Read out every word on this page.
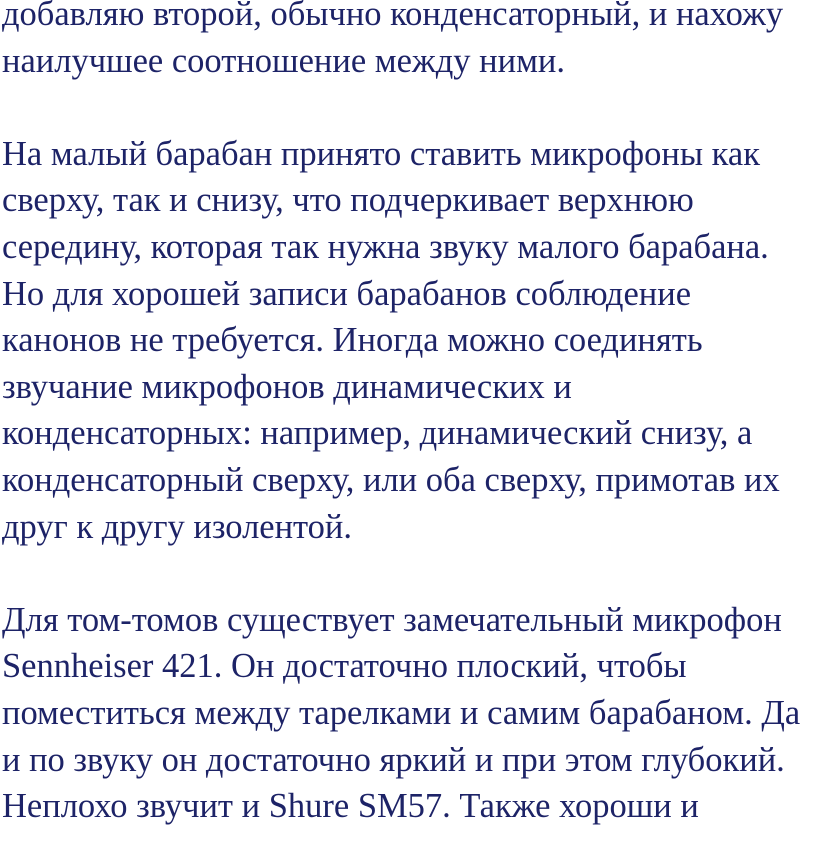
добавляю второй, обычно конденсаторный, и нахожу
наилучшее соотношение между ними.
На малый барабан принято ставить микрофоны как
сверху, так и снизу, что подчеркивает верхнюю
середину, которая так нужна звуку малого барабана.
Но для хорошей записи барабанов соблюдение
канонов не требуется. Иногда можно соединять
звучание микрофонов динамических и
конденсаторных: например, динамический снизу, а
конденсаторный сверху, или оба сверху, примотав их
друг к другу изолентой.
Для том-томов существует замечательный микрофон
Sennheiser 421. Он достаточно плоский, чтобы
поместиться между тарелками и самим барабаном. Да
и по звуку он достаточно яркий и при этом глубокий.
Неплохо звучит и Shure SM57. Также хороши и
